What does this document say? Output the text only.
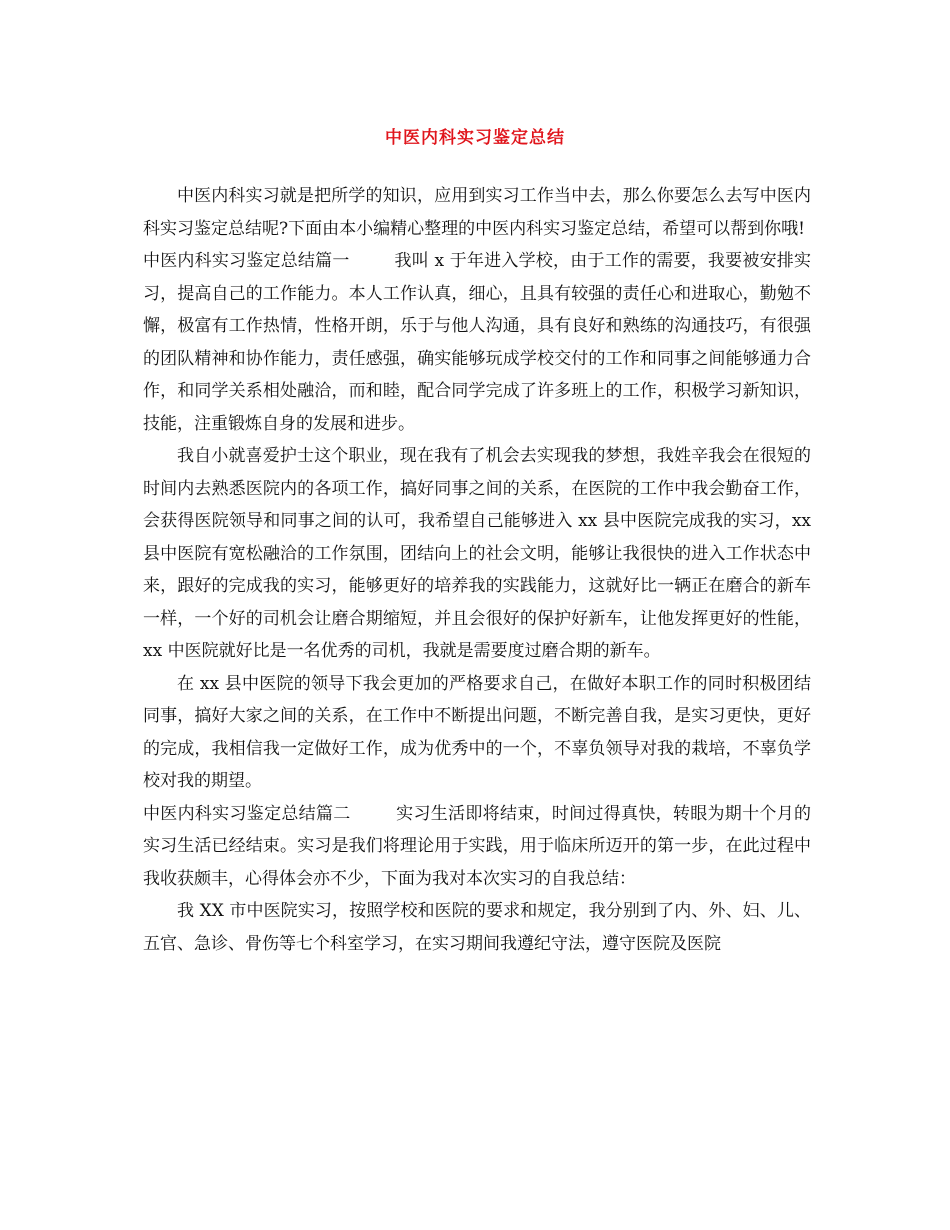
中医内科实习鉴定总结

中医内科实习就是把所学的知识，应用到实习工作当中去，那么你要怎么去写中医内科实习鉴定总结呢?下面由本小编精心整理的中医内科实习鉴定总结，希望可以帮到你哦!

中医内科实习鉴定总结篇一	我叫 x 于年进入学校，由于工作的需要，我要被安排实习，提高自己的工作能力。本人工作认真，细心，且具有较强的责任心和进取心，勤勉不懈，极富有工作热情，性格开朗，乐于与他人沟通，具有良好和熟练的沟通技巧，有很强的团队精神和协作能力，责任感强，确实能够玩成学校交付的工作和同事之间能够通力合作，和同学关系相处融洽，而和睦，配合同学完成了许多班上的工作，积极学习新知识，技能，注重锻炼自身的发展和进步。

我自小就喜爱护士这个职业，现在我有了机会去实现我的梦想，我姓辛我会在很短的时间内去熟悉医院内的各项工作，搞好同事之间的关系，在医院的工作中我会勤奋工作，会获得医院领导和同事之间的认可，我希望自己能够进入 xx 县中医院完成我的实习，xx 县中医院有宽松融洽的工作氛围，团结向上的社会文明，能够让我很快的进入工作状态中来，跟好的完成我的实习，能够更好的培养我的实践能力，这就好比一辆正在磨合的新车一样，一个好的司机会让磨合期缩短，并且会很好的保护好新车，让他发挥更好的性能，xx 中医院就好比是一名优秀的司机，我就是需要度过磨合期的新车。

在 xx 县中医院的领导下我会更加的严格要求自己，在做好本职工作的同时积极团结同事，搞好大家之间的关系，在工作中不断提出问题，不断完善自我，是实习更快，更好的完成，我相信我一定做好工作，成为优秀中的一个，不辜负领导对我的栽培，不辜负学校对我的期望。

中医内科实习鉴定总结篇二	实习生活即将结束，时间过得真快，转眼为期十个月的实习生活已经结束。实习是我们将理论用于实践，用于临床所迈开的第一步，在此过程中我收获颇丰，心得体会亦不少，下面为我对本次实习的自我总结：

我 XX 市中医院实习，按照学校和医院的要求和规定，我分别到了内、外、妇、儿、五官、急诊、骨伤等七个科室学习，在实习期间我遵纪守法，遵守医院及医院
